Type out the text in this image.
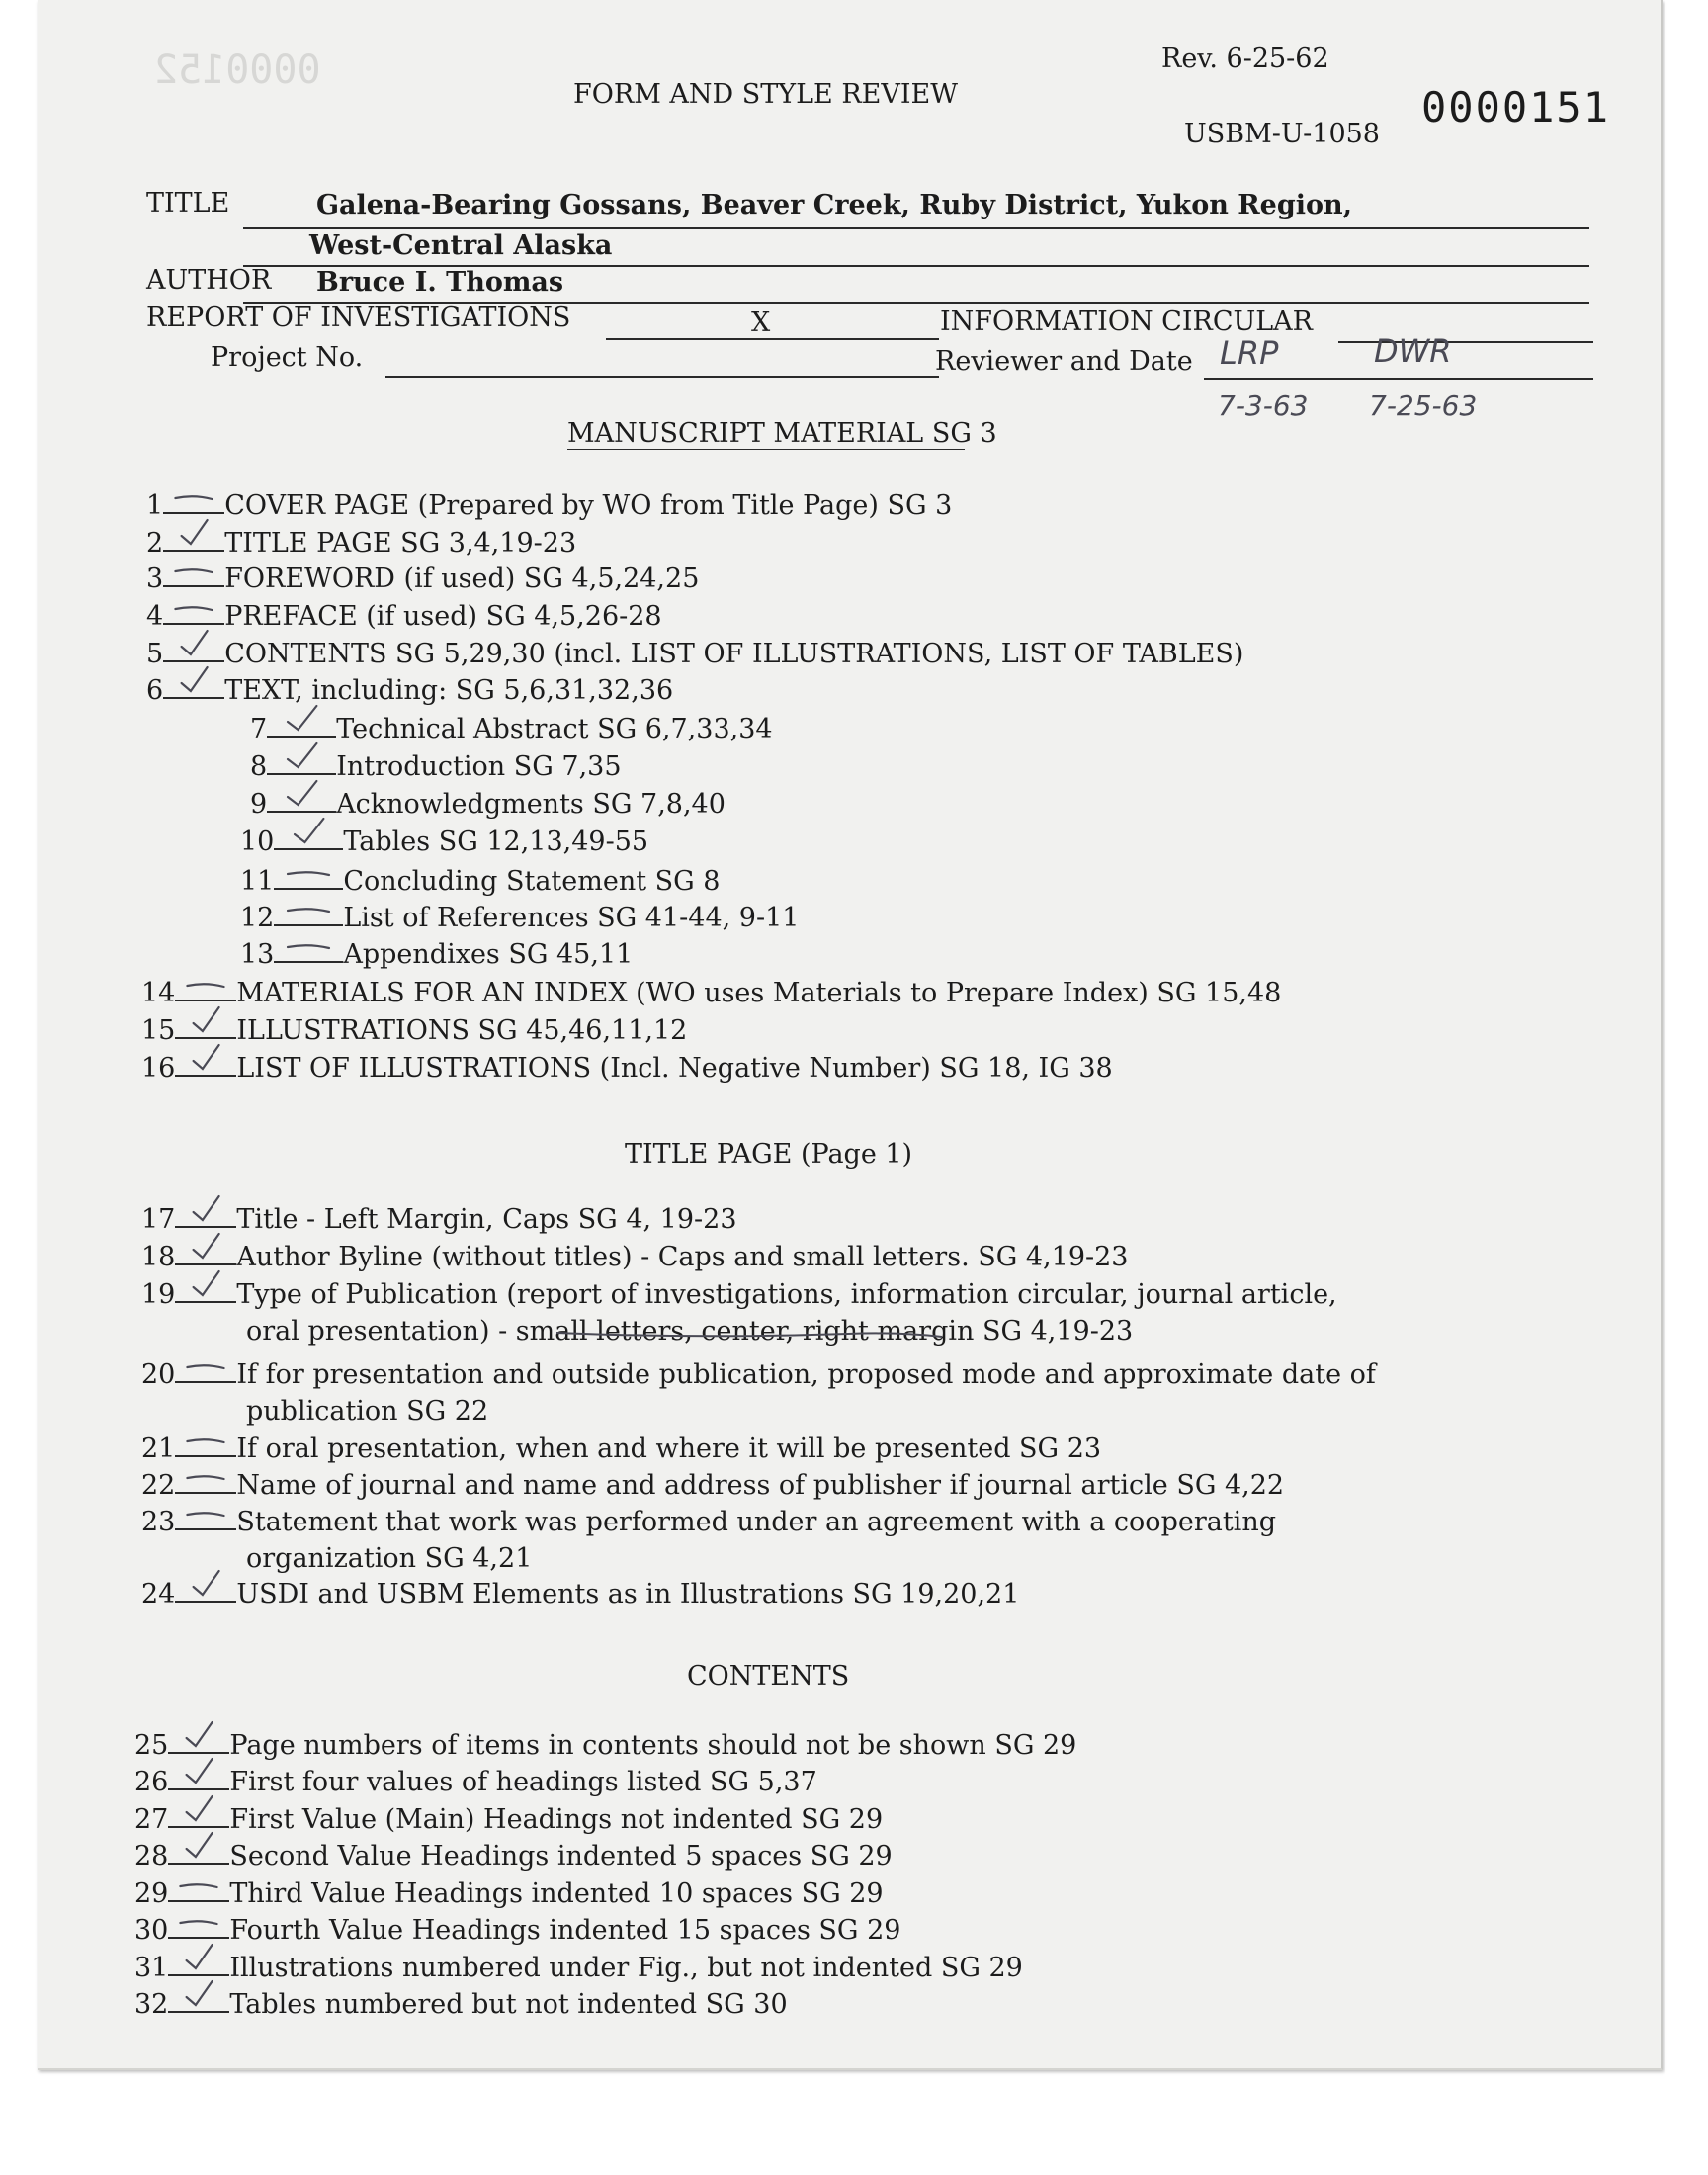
0000152	Rev. 6-25-62
FORM AND STYLE REVIEW
USBM-U-1058
0000151
TITLE	Galena-Bearing Gossans, Beaver Creek, Ruby District, Yukon Region,
West-Central Alaska
AUTHOR Bruce I. Thomas
REPORT OF INVESTIGATIONS	X	INFORMATION CIRCULAR
Project No.	Reviewer and Date LRP	DWR
7-3-63 7-25-63
MANUSCRIPT MATERIAL SG 3
TITLE PAGE (Page 1)
CONTENTS
1 COVER PAGE (Prepared by WO from Title Page) SG 3
2 TITLE PAGE SG 3,4,19-23
3 FOREWORD (if used) SG 4,5,24,25
4 PREFACE (if used) SG 4,5,26-28
5 CONTENTS SG 5,29,30 (incl. LIST OF ILLUSTRATIONS, LIST OF TABLES)
6 TEXT, including: SG 5,6,31,32,36
7	Technical Abstract SG 6,7,33,34
8	Introduction SG 7,35
9	Acknowledgments SG 7,8,40
10	Tables SG 12,13,49-55
11	Concluding Statement SG 8
12	List of References SG 41-44, 9-11
13	Appendixes SG 45,11
14 MATERIALS FOR AN INDEX (WO uses Materials to Prepare Index) SG 15,48
15 ILLUSTRATIONS SG 45,46,11,12
16 LIST OF ILLUSTRATIONS (Incl. Negative Number) SG 18, IG 38
17 Title - Left Margin, Caps SG 4, 19-23
18 Author Byline (without titles) - Caps and small letters. SG 4,19-23
19 Type of Publication (report of investigations, information circular, journal article,
oral presentation) - small letters, center, right margin SG 4,19-23
20 If for presentation and outside publication, proposed mode and approximate date of
publication SG 22
21 If oral presentation, when and where it will be presented SG 23
22 Name of journal and name and address of publisher if journal article SG 4,22
23 Statement that work was performed under an agreement with a cooperating
organization SG 4,21
24 USDI and USBM Elements as in Illustrations SG 19,20,21
25 Page numbers of items in contents should not be shown SG 29
26 First four values of headings listed SG 5,37
27 First Value (Main) Headings not indented SG 29
28 Second Value Headings indented 5 spaces SG 29
29 Third Value Headings indented 10 spaces SG 29
30 Fourth Value Headings indented 15 spaces SG 29
31 Illustrations numbered under Fig., but not indented SG 29
32 Tables numbered but not indented SG 30
